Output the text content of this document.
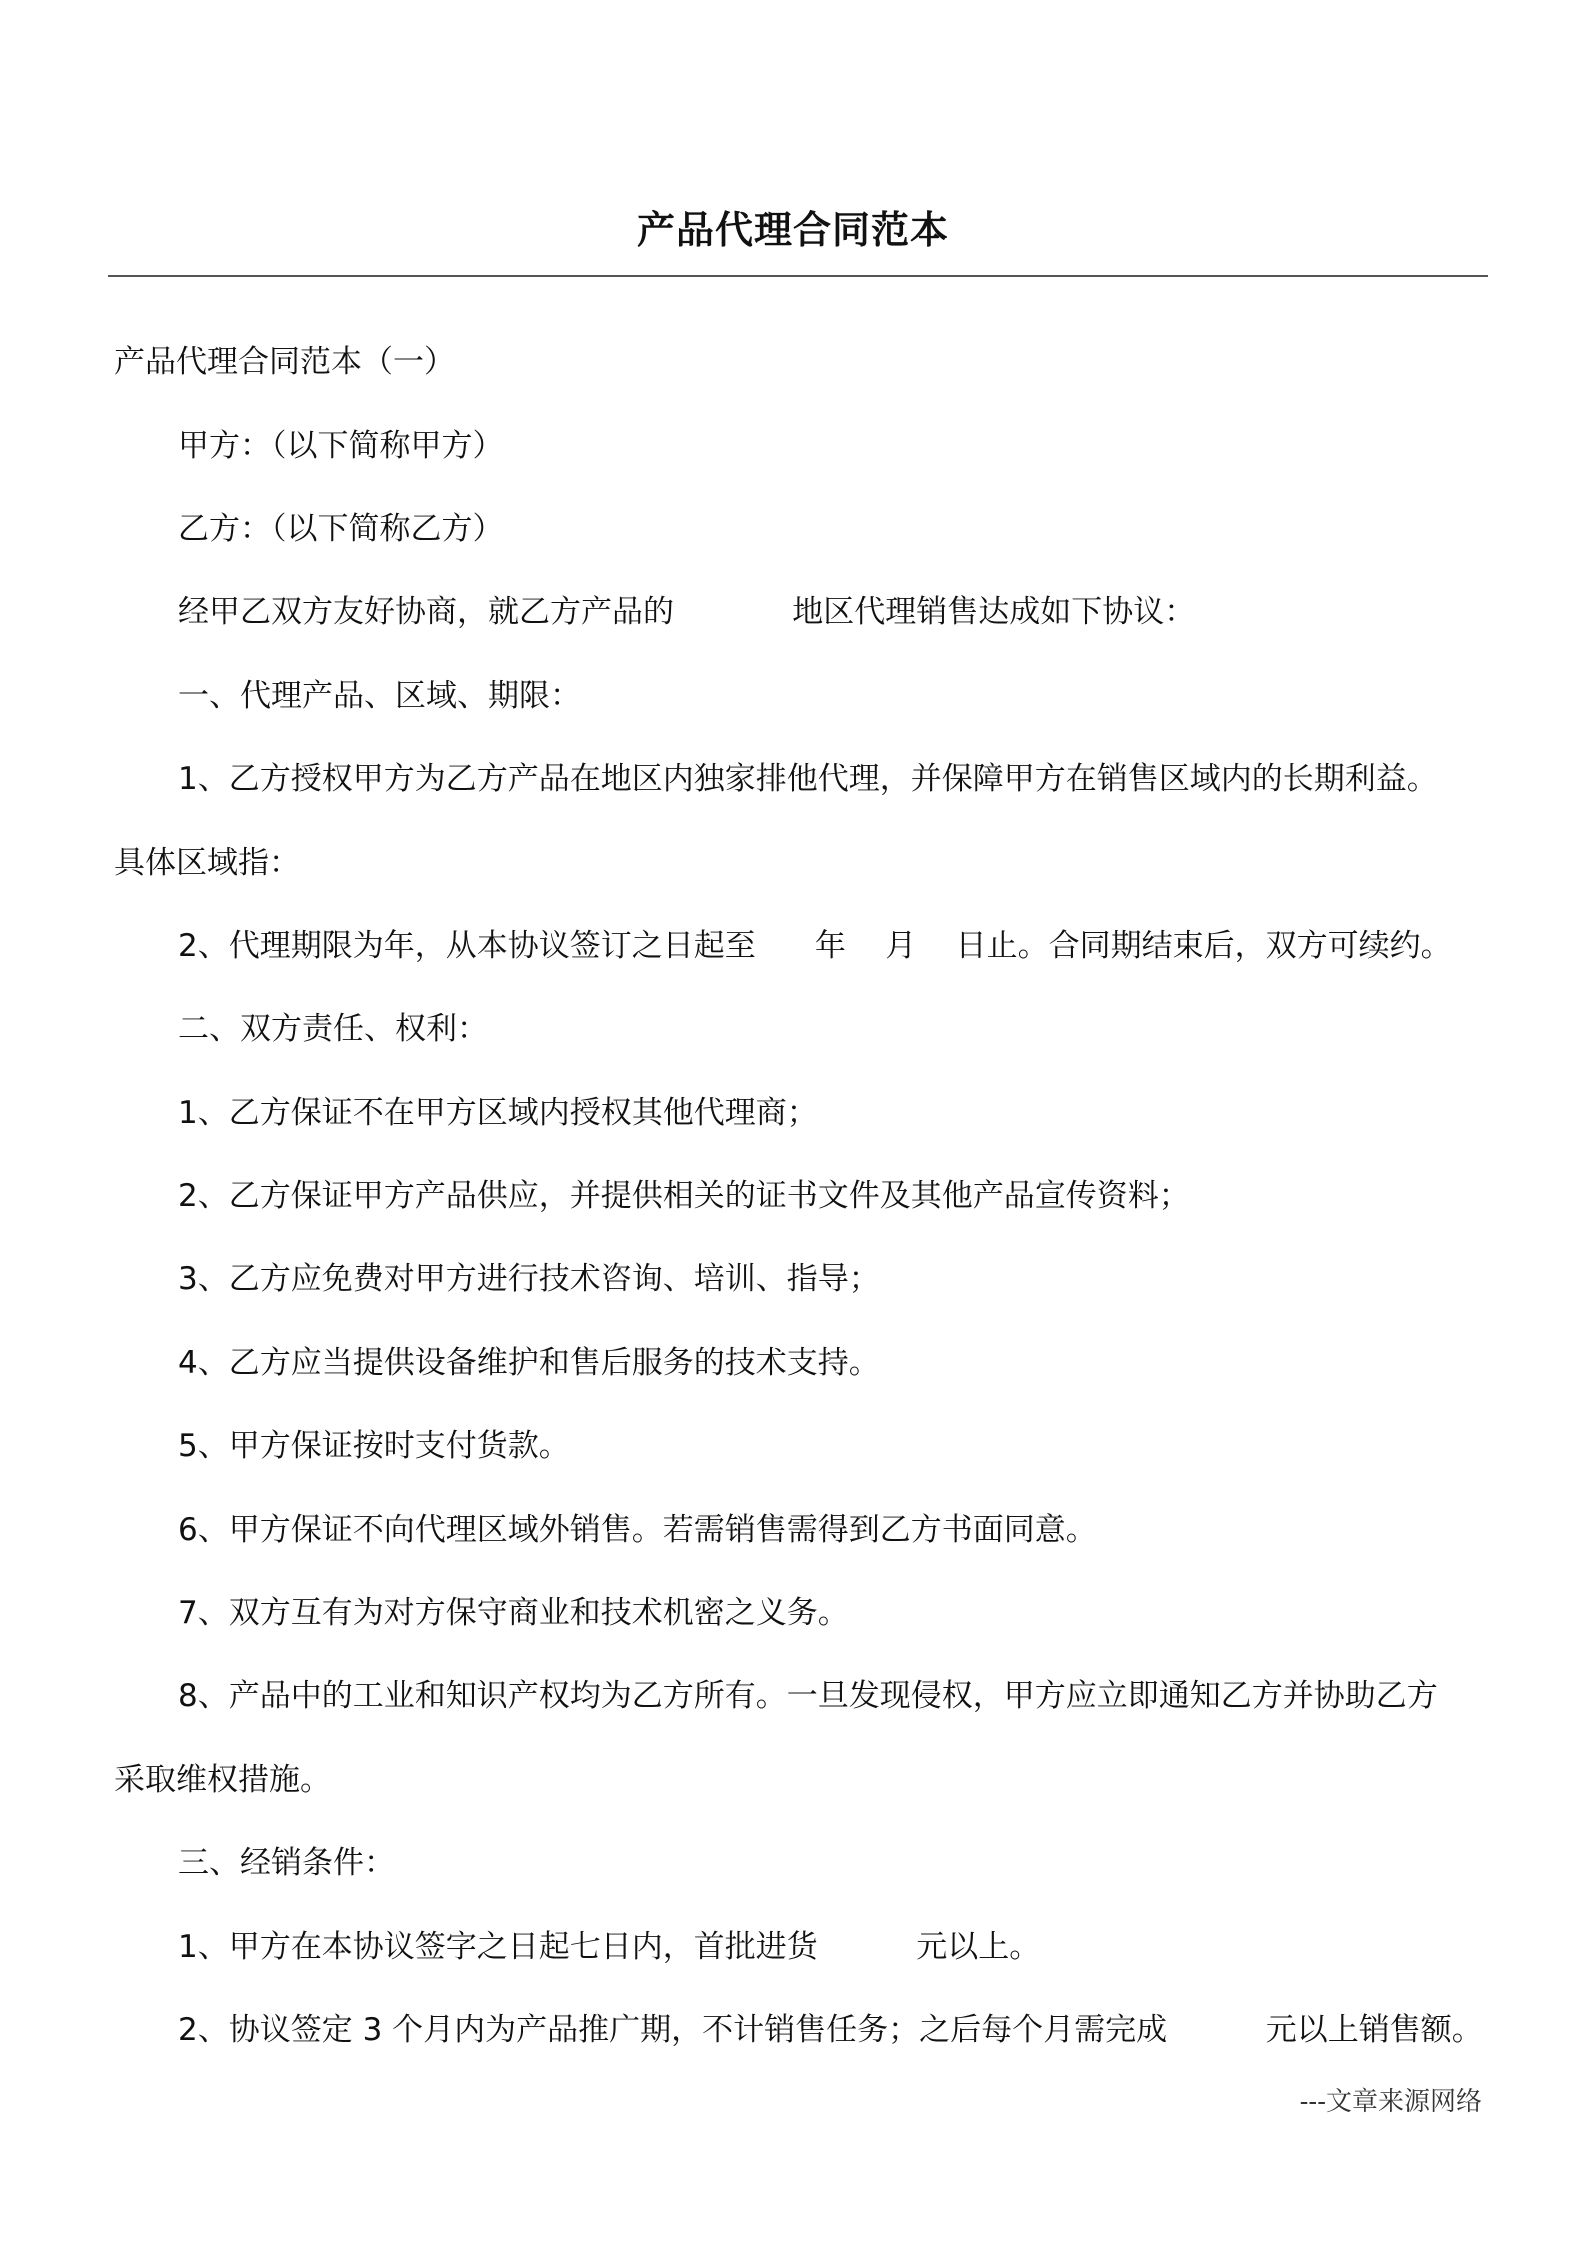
产品代理合同范本

产品代理合同范本（一）

甲方：（以下简称甲方）

乙方：（以下简称乙方）

经甲乙双方友好协商，就乙方产品的            地区代理销售达成如下协议：

一、代理产品、区域、期限：

1、乙方授权甲方为乙方产品在地区内独家排他代理，并保障甲方在销售区域内的长期利益。

具体区域指：

2、代理期限为年，从本协议签订之日起至      年    月    日止。合同期结束后，双方可续约。

二、双方责任、权利：

1、乙方保证不在甲方区域内授权其他代理商；

2、乙方保证甲方产品供应，并提供相关的证书文件及其他产品宣传资料；

3、乙方应免费对甲方进行技术咨询、培训、指导；

4、乙方应当提供设备维护和售后服务的技术支持。

5、甲方保证按时支付货款。

6、甲方保证不向代理区域外销售。若需销售需得到乙方书面同意。

7、双方互有为对方保守商业和技术机密之义务。

8、产品中的工业和知识产权均为乙方所有。一旦发现侵权，甲方应立即通知乙方并协助乙方

采取维权措施。

三、经销条件：

1、甲方在本协议签字之日起七日内，首批进货          元以上。

2、协议签定 3 个月内为产品推广期，不计销售任务；之后每个月需完成          元以上销售额。

---文章来源网络
